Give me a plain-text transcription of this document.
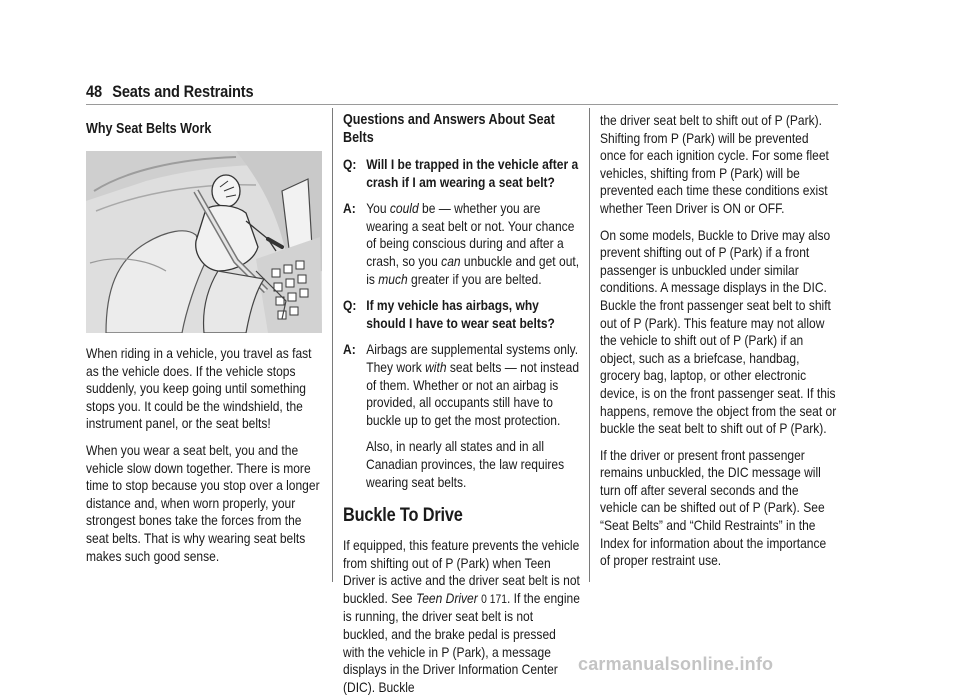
48 Seats and Restraints

Why Seat Belts Work

When riding in a vehicle, you travel as fast as the vehicle does. If the vehicle stops suddenly, you keep going until something stops you. It could be the windshield, the instrument panel, or the seat belts!

When you wear a seat belt, you and the vehicle slow down together. There is more time to stop because you stop over a longer distance and, when worn properly, your strongest bones take the forces from the seat belts. That is why wearing seat belts makes such good sense.

Questions and Answers About Seat Belts

Q: Will I be trapped in the vehicle after a crash if I am wearing a seat belt?
A: You could be — whether you are wearing a seat belt or not. Your chance of being conscious during and after a crash, so you can unbuckle and get out, is much greater if you are belted.
Q: If my vehicle has airbags, why should I have to wear seat belts?
A: Airbags are supplemental systems only. They work with seat belts — not instead of them. Whether or not an airbag is provided, all occupants still have to buckle up to get the most protection.

Also, in nearly all states and in all Canadian provinces, the law requires wearing seat belts.

Buckle To Drive

If equipped, this feature prevents the vehicle from shifting out of P (Park) when Teen Driver is active and the driver seat belt is not buckled. See Teen Driver 0 171. If the engine is running, the driver seat belt is not buckled, and the brake pedal is pressed with the vehicle in P (Park), a message displays in the Driver Information Center (DIC). Buckle

the driver seat belt to shift out of P (Park). Shifting from P (Park) will be prevented once for each ignition cycle. For some fleet vehicles, shifting from P (Park) will be prevented each time these conditions exist whether Teen Driver is ON or OFF.

On some models, Buckle to Drive may also prevent shifting out of P (Park) if a front passenger is unbuckled under similar conditions. A message displays in the DIC. Buckle the front passenger seat belt to shift out of P (Park). This feature may not allow the vehicle to shift out of P (Park) if an object, such as a briefcase, handbag, grocery bag, laptop, or other electronic device, is on the front passenger seat. If this happens, remove the object from the seat or buckle the seat belt to shift out of P (Park).

If the driver or present front passenger remains unbuckled, the DIC message will turn off after several seconds and the vehicle can be shifted out of P (Park). See “Seat Belts” and “Child Restraints” in the Index for information about the importance of proper restraint use.

carmanualsonline.info
